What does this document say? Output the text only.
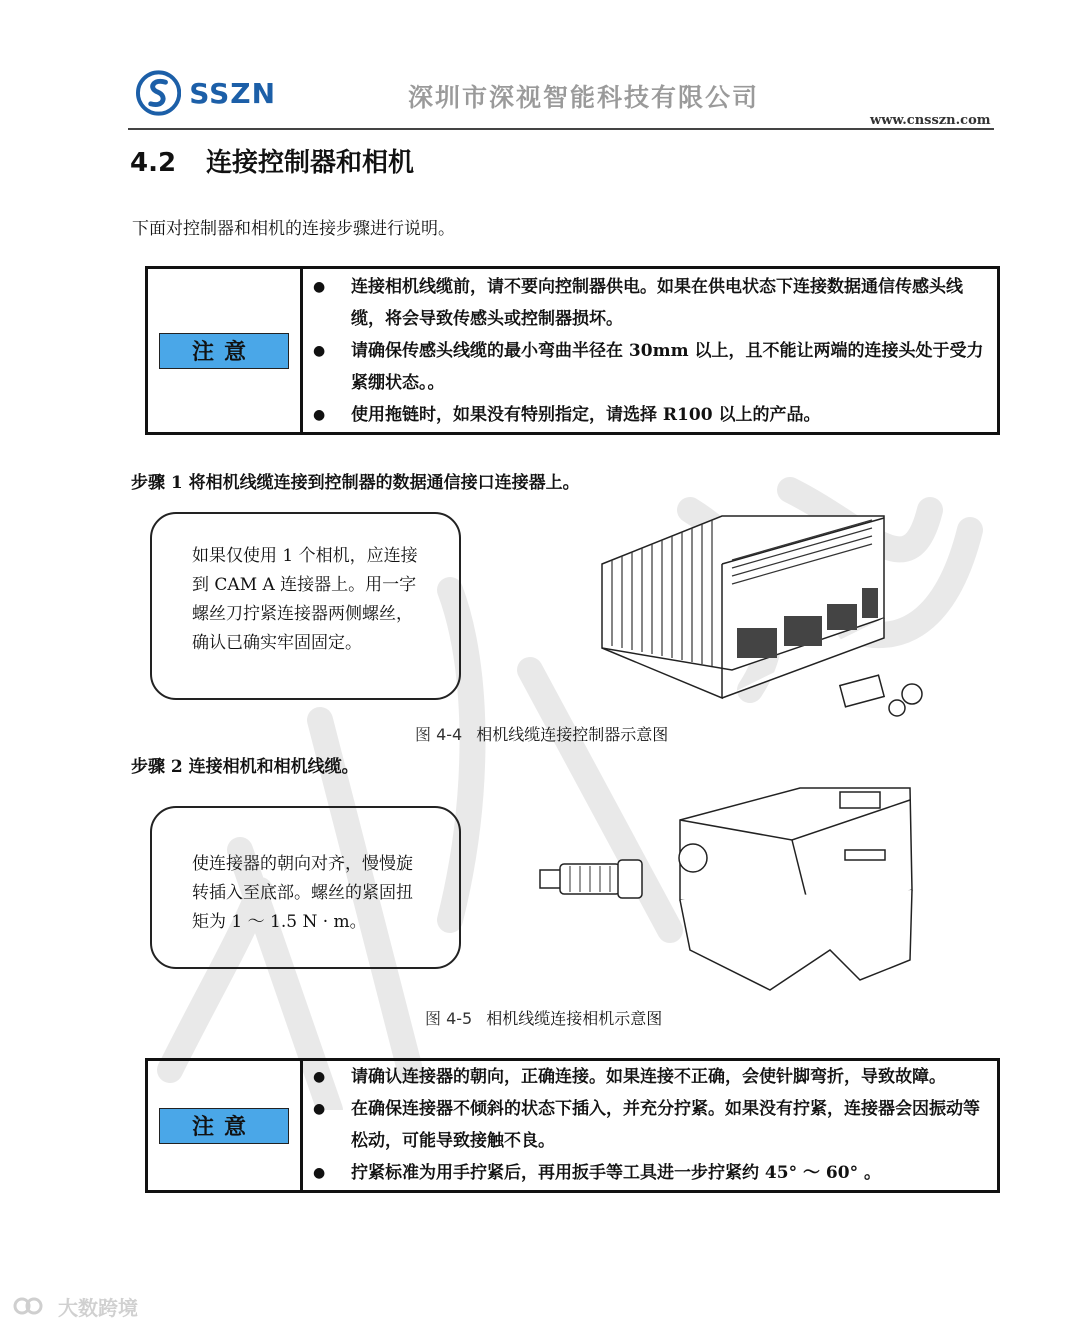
SSZN	深圳市深视智能科技有限公司
www.cnsszn.com
4.2 连接控制器和相机
下面对控制器和相机的连接步骤进行说明。
注意
●	连接相机线缆前，请不要向控制器供电。如果在供电状态下连接数据通信传感头线缆，将会导致传感头或控制器损坏。
●	请确保传感头线缆的最小弯曲半径在 30mm 以上，且不能让两端的连接头处于受力紧绷状态。。
●	使用拖链时，如果没有特别指定，请选择 R100 以上的产品。
步骤 1 将相机线缆连接到控制器的数据通信接口连接器上。
如果仅使用 1 个相机，应连接到 CAM A 连接器上。用一字螺丝刀拧紧连接器两侧螺丝，确认已确实牢固固定。
图 4-4 相机线缆连接控制器示意图
步骤 2 连接相机和相机线缆。
使连接器的朝向对齐，慢慢旋转插入至底部。螺丝的紧固扭矩为 1 ～ 1.5 N · m。
图 4-5 相机线缆连接相机示意图
注意
●	请确认连接器的朝向，正确连接。如果连接不正确，会使针脚弯折，导致故障。
●	在确保连接器不倾斜的状态下插入，并充分拧紧。如果没有拧紧，连接器会因振动等松动，可能导致接触不良。
●	拧紧标准为用手拧紧后，再用扳手等工具进一步拧紧约 45° ～ 60° 。
大数跨境
